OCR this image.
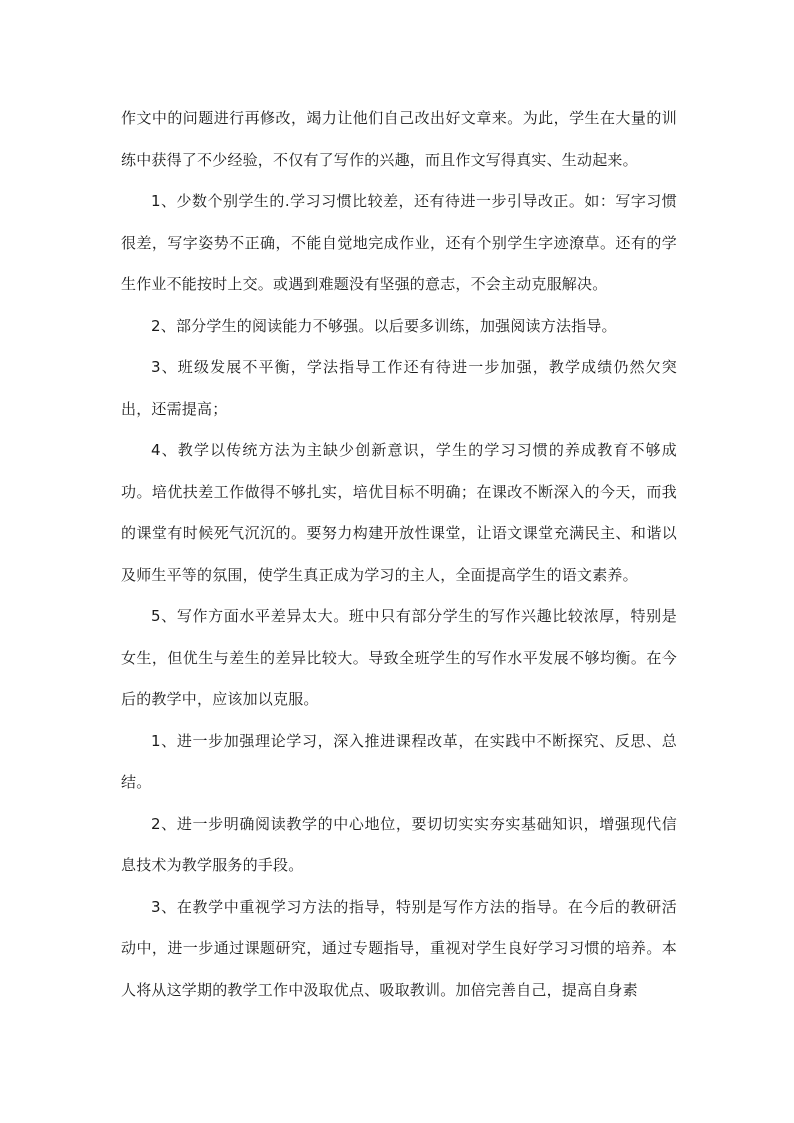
作文中的问题进行再修改，竭力让他们自己改出好文章来。为此，学生在大量的训练中获得了不少经验，不仅有了写作的兴趣，而且作文写得真实、生动起来。

1、少数个别学生的.学习习惯比较差，还有待进一步引导改正。如：写字习惯很差，写字姿势不正确，不能自觉地完成作业，还有个别学生字迹潦草。还有的学生作业不能按时上交。或遇到难题没有坚强的意志，不会主动克服解决。

2、部分学生的阅读能力不够强。以后要多训练，加强阅读方法指导。

3、班级发展不平衡，学法指导工作还有待进一步加强，教学成绩仍然欠突出，还需提高；

4、教学以传统方法为主缺少创新意识，学生的学习习惯的养成教育不够成功。培优扶差工作做得不够扎实，培优目标不明确；在课改不断深入的今天，而我的课堂有时候死气沉沉的。要努力构建开放性课堂，让语文课堂充满民主、和谐以及师生平等的氛围，使学生真正成为学习的主人，全面提高学生的语文素养。

5、写作方面水平差异太大。班中只有部分学生的写作兴趣比较浓厚，特别是女生，但优生与差生的差异比较大。导致全班学生的写作水平发展不够均衡。在今后的教学中，应该加以克服。

1、进一步加强理论学习，深入推进课程改革，在实践中不断探究、反思、总结。

2、进一步明确阅读教学的中心地位，要切切实实夯实基础知识，增强现代信息技术为教学服务的手段。

3、在教学中重视学习方法的指导，特别是写作方法的指导。在今后的教研活动中，进一步通过课题研究，通过专题指导，重视对学生良好学习习惯的培养。本人将从这学期的教学工作中汲取优点、吸取教训。加倍完善自己，提高自身素
